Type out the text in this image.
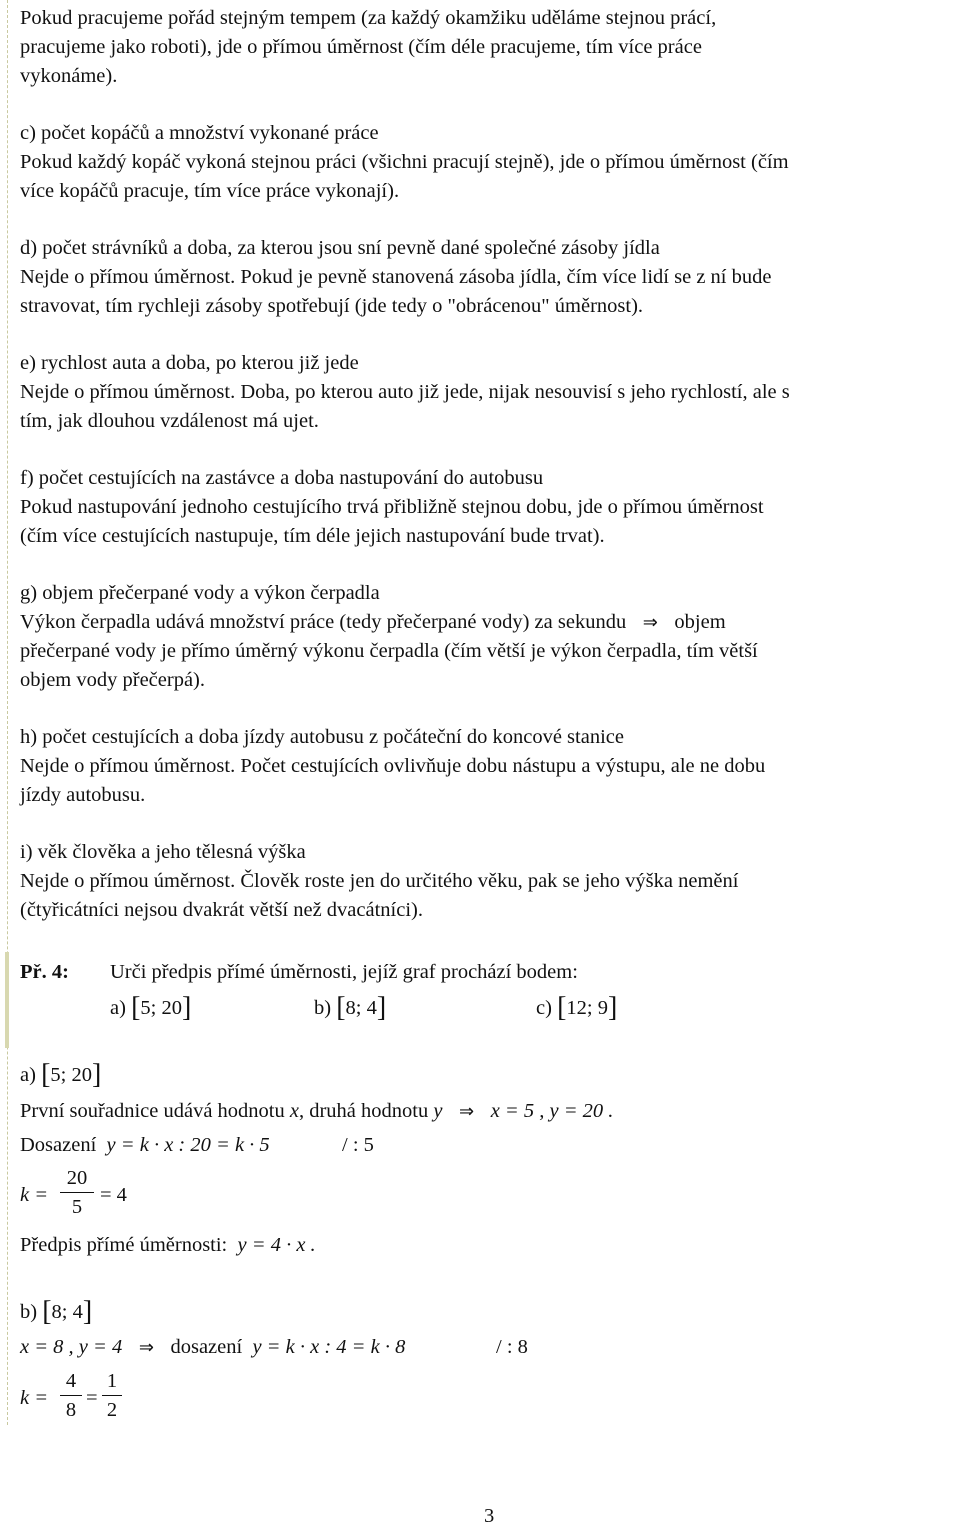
Pokud pracujeme pořád stejným tempem (za každý okamžiku uděláme stejnou prácí,
pracujeme jako roboti), jde o přímou úměrnost (čím déle pracujeme, tím více práce
vykonáme).
c) počet kopáčů a množství vykonané práce
Pokud každý kopáč vykoná stejnou práci (všichni pracují stejně), jde o přímou úměrnost (čím
více kopáčů pracuje, tím více práce vykonají).
d) počet strávníků a doba, za kterou jsou sní pevně dané společné zásoby jídla
Nejde o přímou úměrnost. Pokud je pevně stanovená zásoba jídla, čím více lidí se z ní bude
stravovat, tím rychleji zásoby spotřebují (jde tedy o "obrácenou" úměrnost).
e) rychlost auta a doba, po kterou již jede
Nejde o přímou úměrnost. Doba, po kterou auto již jede, nijak nesouvisí s jeho rychlostí, ale s
tím, jak dlouhou vzdálenost má ujet.
f) počet cestujících na zastávce a doba nastupování do autobusu
Pokud nastupování jednoho cestujícího trvá přibližně stejnou dobu, jde o přímou úměrnost
(čím více cestujících nastupuje, tím déle jejich nastupování bude trvat).
g) objem přečerpané vody a výkon čerpadla
Výkon čerpadla udává množství práce (tedy přečerpané vody) za sekundu   ⇒   objem
přečerpané vody je přímo úměrný výkonu čerpadla (čím větší je výkon čerpadla, tím větší
objem vody přečerpá).
h) počet cestujících a doba jízdy autobusu z počáteční do koncové stanice
Nejde o přímou úměrnost. Počet cestujících ovlivňuje dobu nástupu a výstupu, ale ne dobu
jízdy autobusu.
i) věk člověka a jeho tělesná výška
Nejde o přímou úměrnost. Člověk roste jen do určitého věku, pak se jeho výška nemění
(čtyřicátníci nejsou dvakrát větší než dvacátníci).
Př. 4: Urči předpis přímé úměrnosti, jejíž graf prochází bodem:
a) [5; 20]	b) [8; 4]	c) [12; 9]
a) [5; 20]
První souřadnice udává hodnotu x, druhá hodnotu y   ⇒   x = 5 , y = 20 .
Dosazení y = k · x : 20 = k · 5	/ : 5
k =
20
5
= 4
Předpis přímé úměrnosti: y = 4 · x .
b) [8; 4]
x = 8 , y = 4   ⇒   dosazení y = k · x : 4 = k · 8	/ : 8
k =
4
8
=
1
2
3
